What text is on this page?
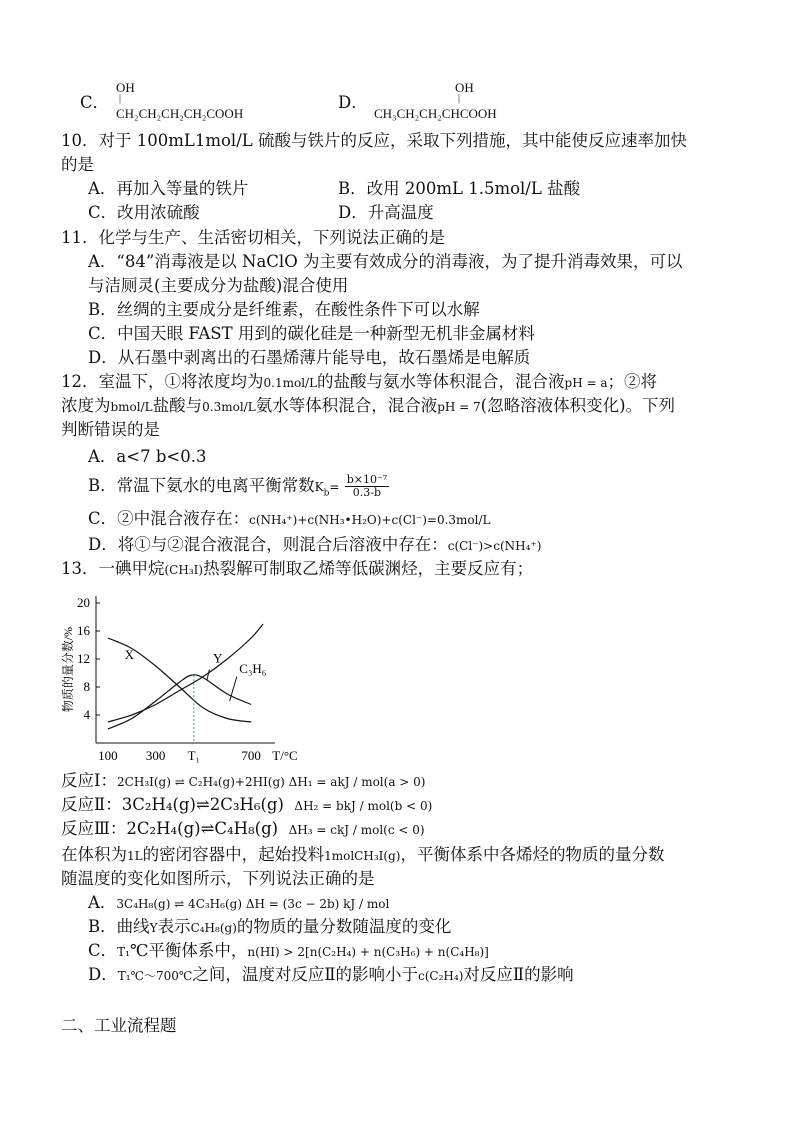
C．
OH
|
CH₂CH₂CH₂CH₂COOH
D．
OH
|
CH₃CH₂CH₂CHCOOH
10．对于 100mL1mol/L 硫酸与铁片的反应，采取下列措施，其中能使反应速率加快
的是
A．再加入等量的铁片	B．改用 200mL 1.5mol/L 盐酸
C．改用浓硫酸	D．升高温度
11．化学与生产、生活密切相关，下列说法正确的是
A．“84”消毒液是以 NaClO 为主要有效成分的消毒液，为了提升消毒效果，可以
与洁厕灵(主要成分为盐酸)混合使用
B．丝绸的主要成分是纤维素，在酸性条件下可以水解
C．中国天眼 FAST 用到的碳化硅是一种新型无机非金属材料
D．从石墨中剥离出的石墨烯薄片能导电，故石墨烯是电解质
12．室温下，①将浓度均为0.1mol/L的盐酸与氨水等体积混合，混合液pH = a；②将
浓度为bmol/L盐酸与0.3mol/L氨水等体积混合，混合液pH = 7(忽略溶液体积变化)。下列
判断错误的是
A．a<7 b<0.3
B．常温下氨水的电离平衡常数$K_b= \frac{\text{b×10⁻⁷}}{0.3-b}$
C．②中混合液存在：c(NH₄⁺)+c(NH₃•H₂O)+c(Cl⁻)=0.3mol/L
D．将①与②混合液混合，则混合后溶液中存在：c(Cl⁻)>c(NH₄⁺)
13．一碘甲烷(CH₃I)热裂解可制取乙烯等低碳渊烃，主要反应有；
4
8
12
16
20
100 300 T₁	700 T/°C
物质的量分数/%	X	Y
C₃H₆
反应Ⅰ：2CH₃I(g) ⇌ C₂H₄(g)+2HI(g) ΔH₁ = akJ / mol(a > 0)
反应Ⅱ：3C₂H₄(g)⇌2C₃H₆(g) ΔH₂ = bkJ / mol(b < 0)
反应Ⅲ：2C₂H₄(g)⇌C₄H₈(g) ΔH₃ = ckJ / mol(c < 0)
在体积为1L的密闭容器中，起始投料1molCH₃I(g)，平衡体系中各烯烃的物质的量分数
随温度的变化如图所示，下列说法正确的是
A．3C₄H₈(g) ⇌ 4C₃H₆(g) ΔH = (3c − 2b) kJ / mol
B．曲线Y表示C₄H₈(g)的物质的量分数随温度的变化
C．T₁℃平衡体系中，n(HI) > 2[n(C₂H₄) + n(C₃H₆) + n(C₄H₈)]
D．T₁℃～700℃之间，温度对反应Ⅱ的影响小于c(C₂H₄)对反应Ⅱ的影响
二、工业流程题
